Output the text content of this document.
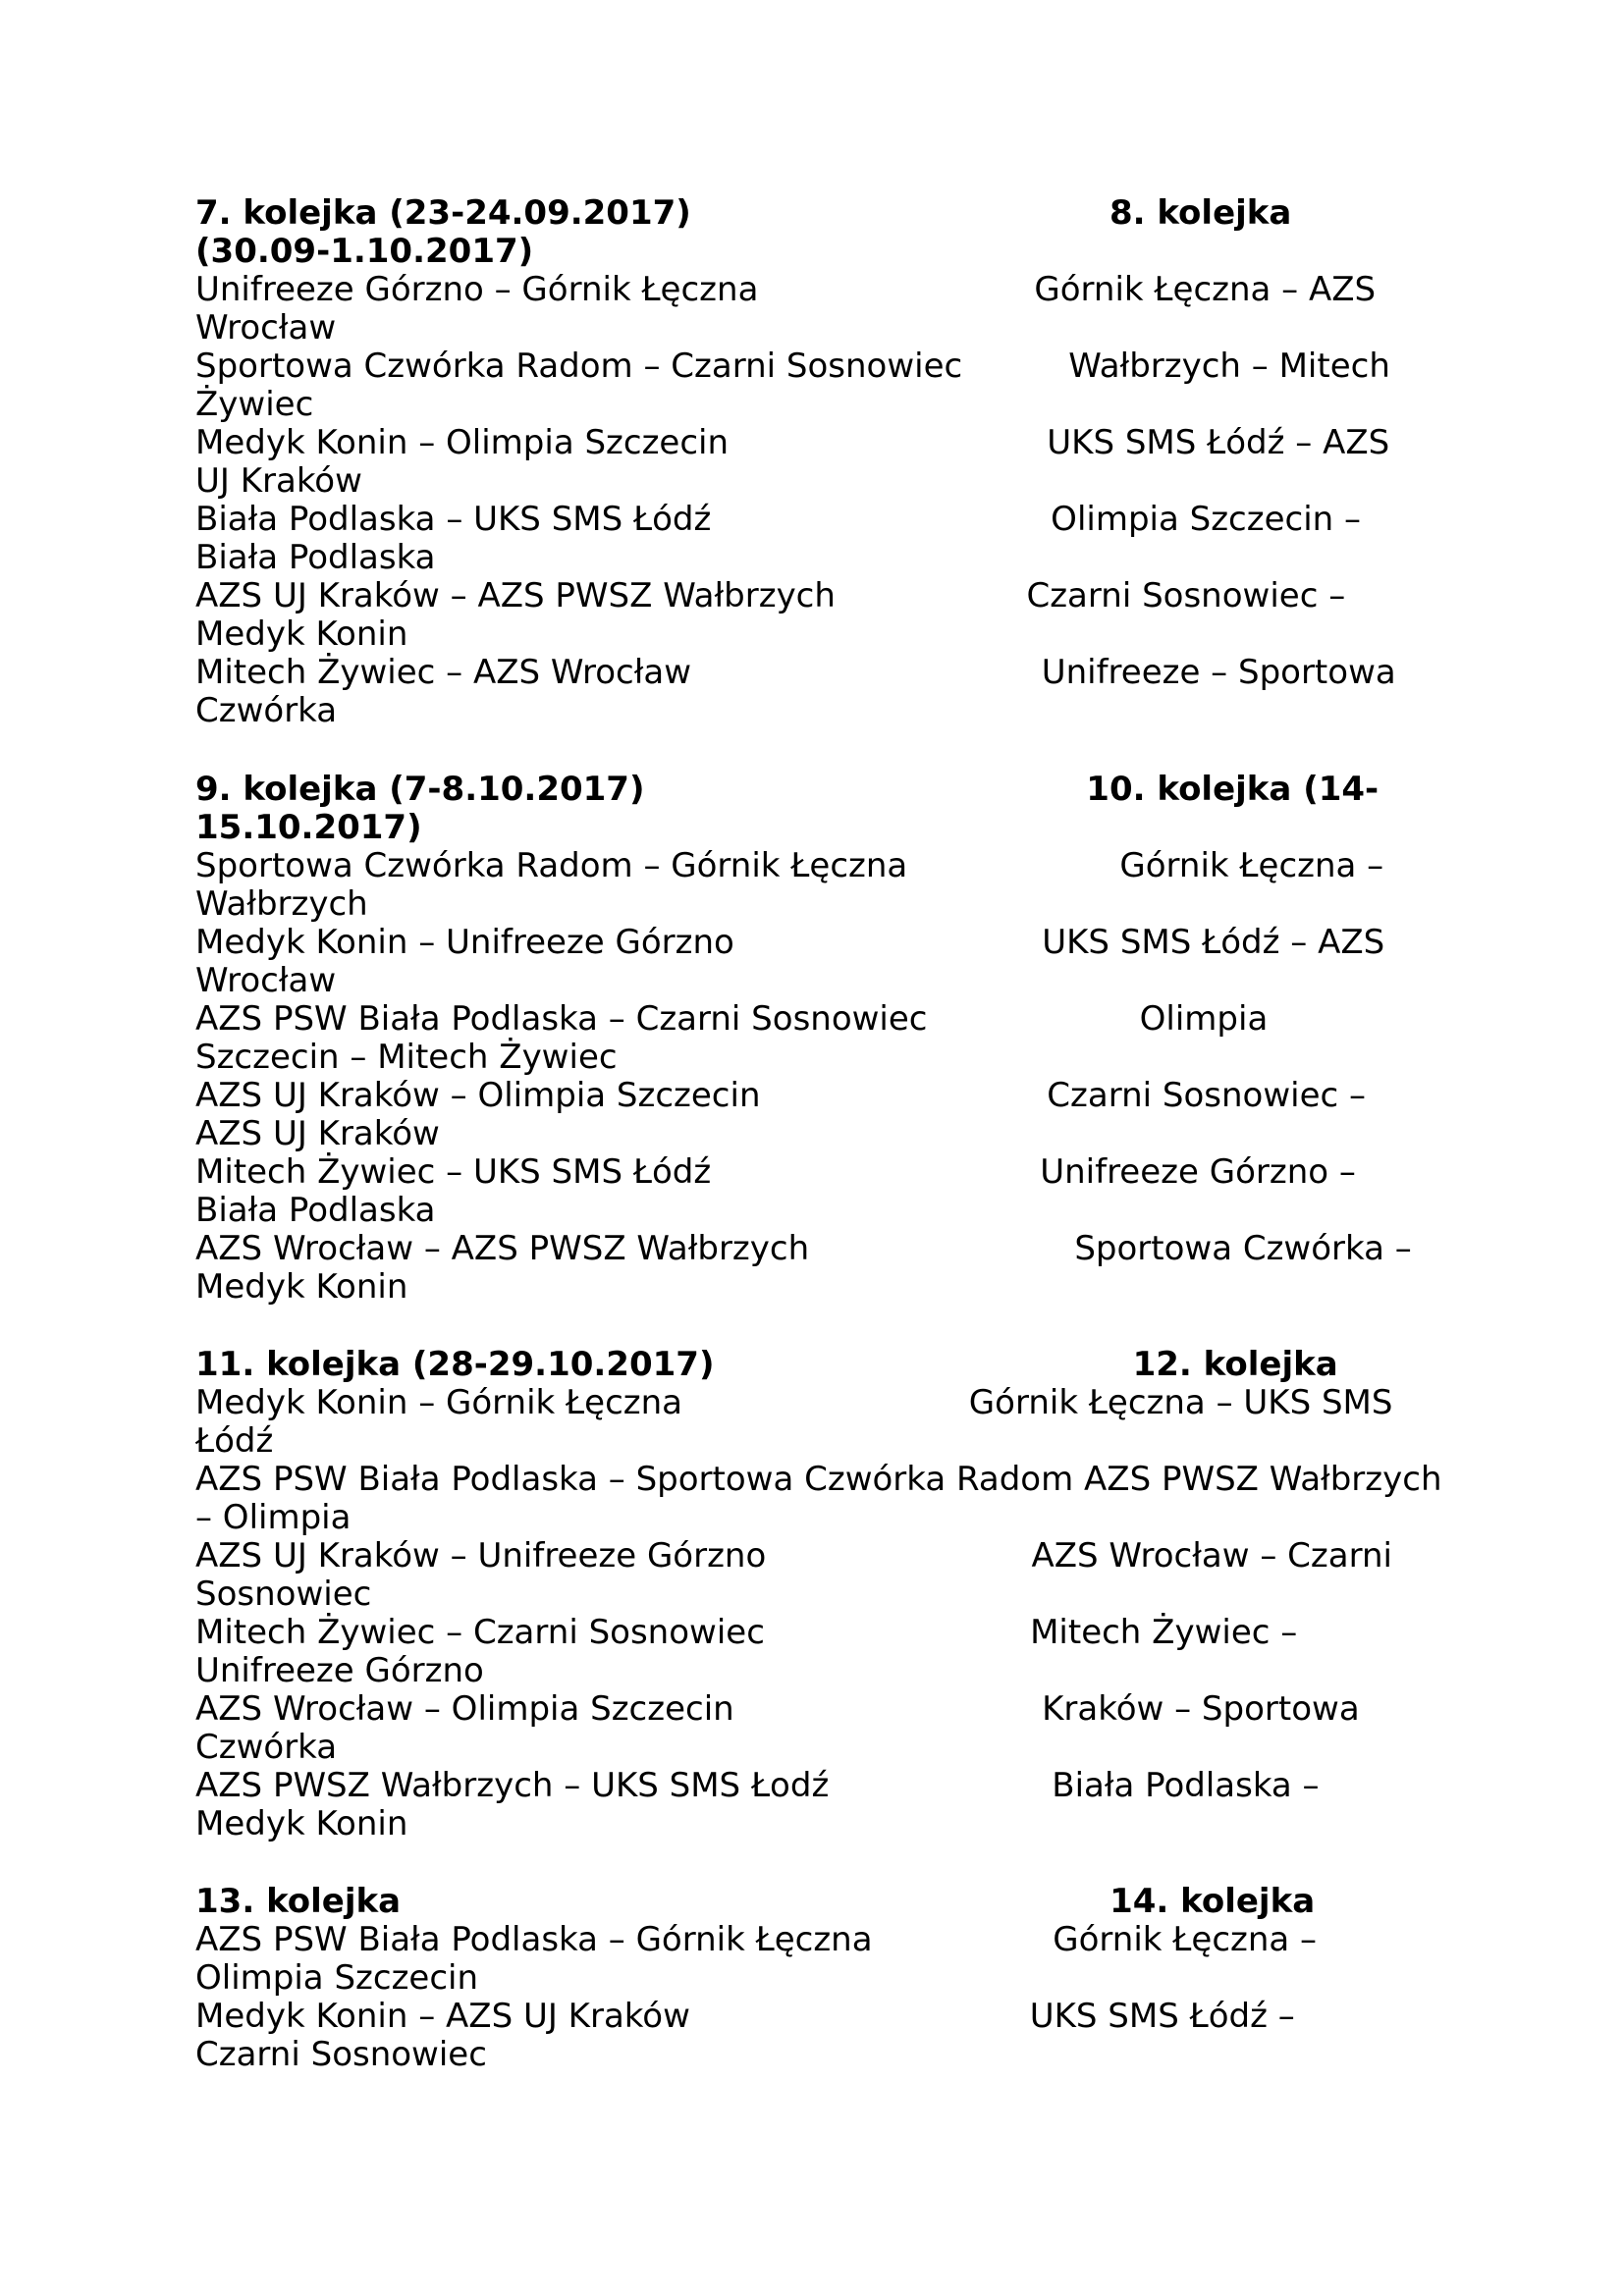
7. kolejka (23-24.09.2017)                                    8. kolejka

(30.09-1.10.2017)

Unifreeze Górzno – Górnik Łęczna                          Górnik Łęczna – AZS

Wrocław

Sportowa Czwórka Radom – Czarni Sosnowiec          Wałbrzych – Mitech

Żywiec

Medyk Konin – Olimpia Szczecin                              UKS SMS Łódź – AZS

UJ Kraków

Biała Podlaska – UKS SMS Łódź                                Olimpia Szczecin –

Biała Podlaska

AZS UJ Kraków – AZS PWSZ Wałbrzych                  Czarni Sosnowiec –

Medyk Konin

Mitech Żywiec – AZS Wrocław                                 Unifreeze – Sportowa

Czwórka

9. kolejka (7-8.10.2017)                                      10. kolejka (14-

15.10.2017)

Sportowa Czwórka Radom – Górnik Łęczna                    Górnik Łęczna –

Wałbrzych

Medyk Konin – Unifreeze Górzno                             UKS SMS Łódź – AZS

Wrocław

AZS PSW Biała Podlaska – Czarni Sosnowiec                    Olimpia

Szczecin – Mitech Żywiec

AZS UJ Kraków – Olimpia Szczecin                           Czarni Sosnowiec –

AZS UJ Kraków

Mitech Żywiec – UKS SMS Łódź                               Unifreeze Górzno –

Biała Podlaska

AZS Wrocław – AZS PWSZ Wałbrzych                         Sportowa Czwórka –

Medyk Konin

11. kolejka (28-29.10.2017)                                    12. kolejka

Medyk Konin – Górnik Łęczna                           Górnik Łęczna – UKS SMS

Łódź

AZS PSW Biała Podlaska – Sportowa Czwórka Radom AZS PWSZ Wałbrzych

– Olimpia

AZS UJ Kraków – Unifreeze Górzno                         AZS Wrocław – Czarni

Sosnowiec

Mitech Żywiec – Czarni Sosnowiec                         Mitech Żywiec –

Unifreeze Górzno

AZS Wrocław – Olimpia Szczecin                             Kraków – Sportowa

Czwórka

AZS PWSZ Wałbrzych – UKS SMS Łodź                     Biała Podlaska –

Medyk Konin

13. kolejka                                                             14. kolejka

AZS PSW Biała Podlaska – Górnik Łęczna                 Górnik Łęczna –

Olimpia Szczecin

Medyk Konin – AZS UJ Kraków                                UKS SMS Łódź –

Czarni Sosnowiec
